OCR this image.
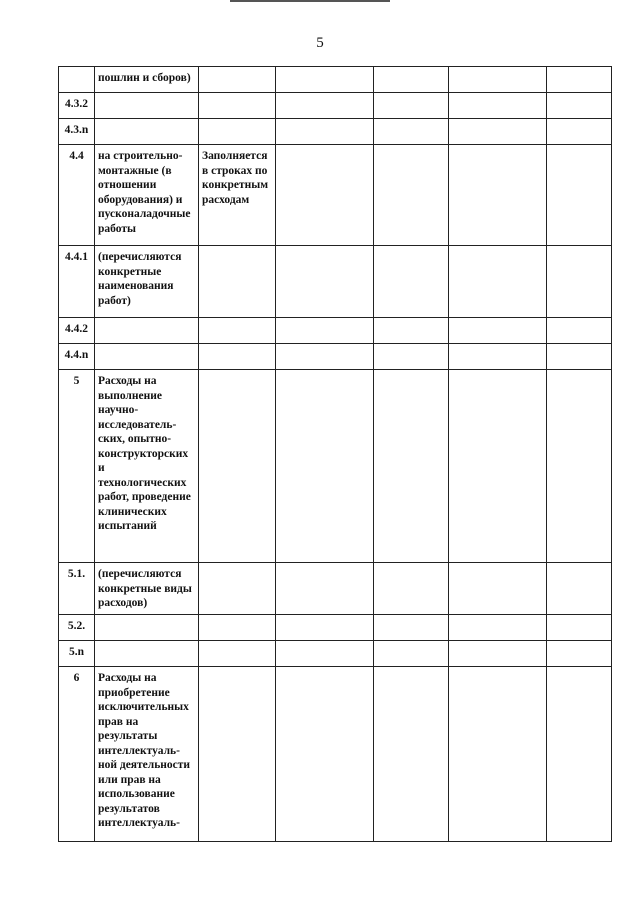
5
	пошлин и сборов)					
4.3.2						
4.3.n						
4.4	на строительно-монтажные (в отношении оборудования) и пусконаладочные работы	Заполняется в строках по конкретным расходам				
4.4.1	(перечисляются конкретные наименования работ)					
4.4.2						
4.4.n						
5	Расходы на выполнение научно-исследователь-ских, опытно-конструкторских и технологических работ, проведение клинических испытаний					
5.1.	(перечисляются конкретные виды расходов)					
5.2.						
5.n						
6	Расходы на приобретение исключительных прав на результаты интеллектуаль-ной деятельности или прав на использование результатов интеллектуаль-					
